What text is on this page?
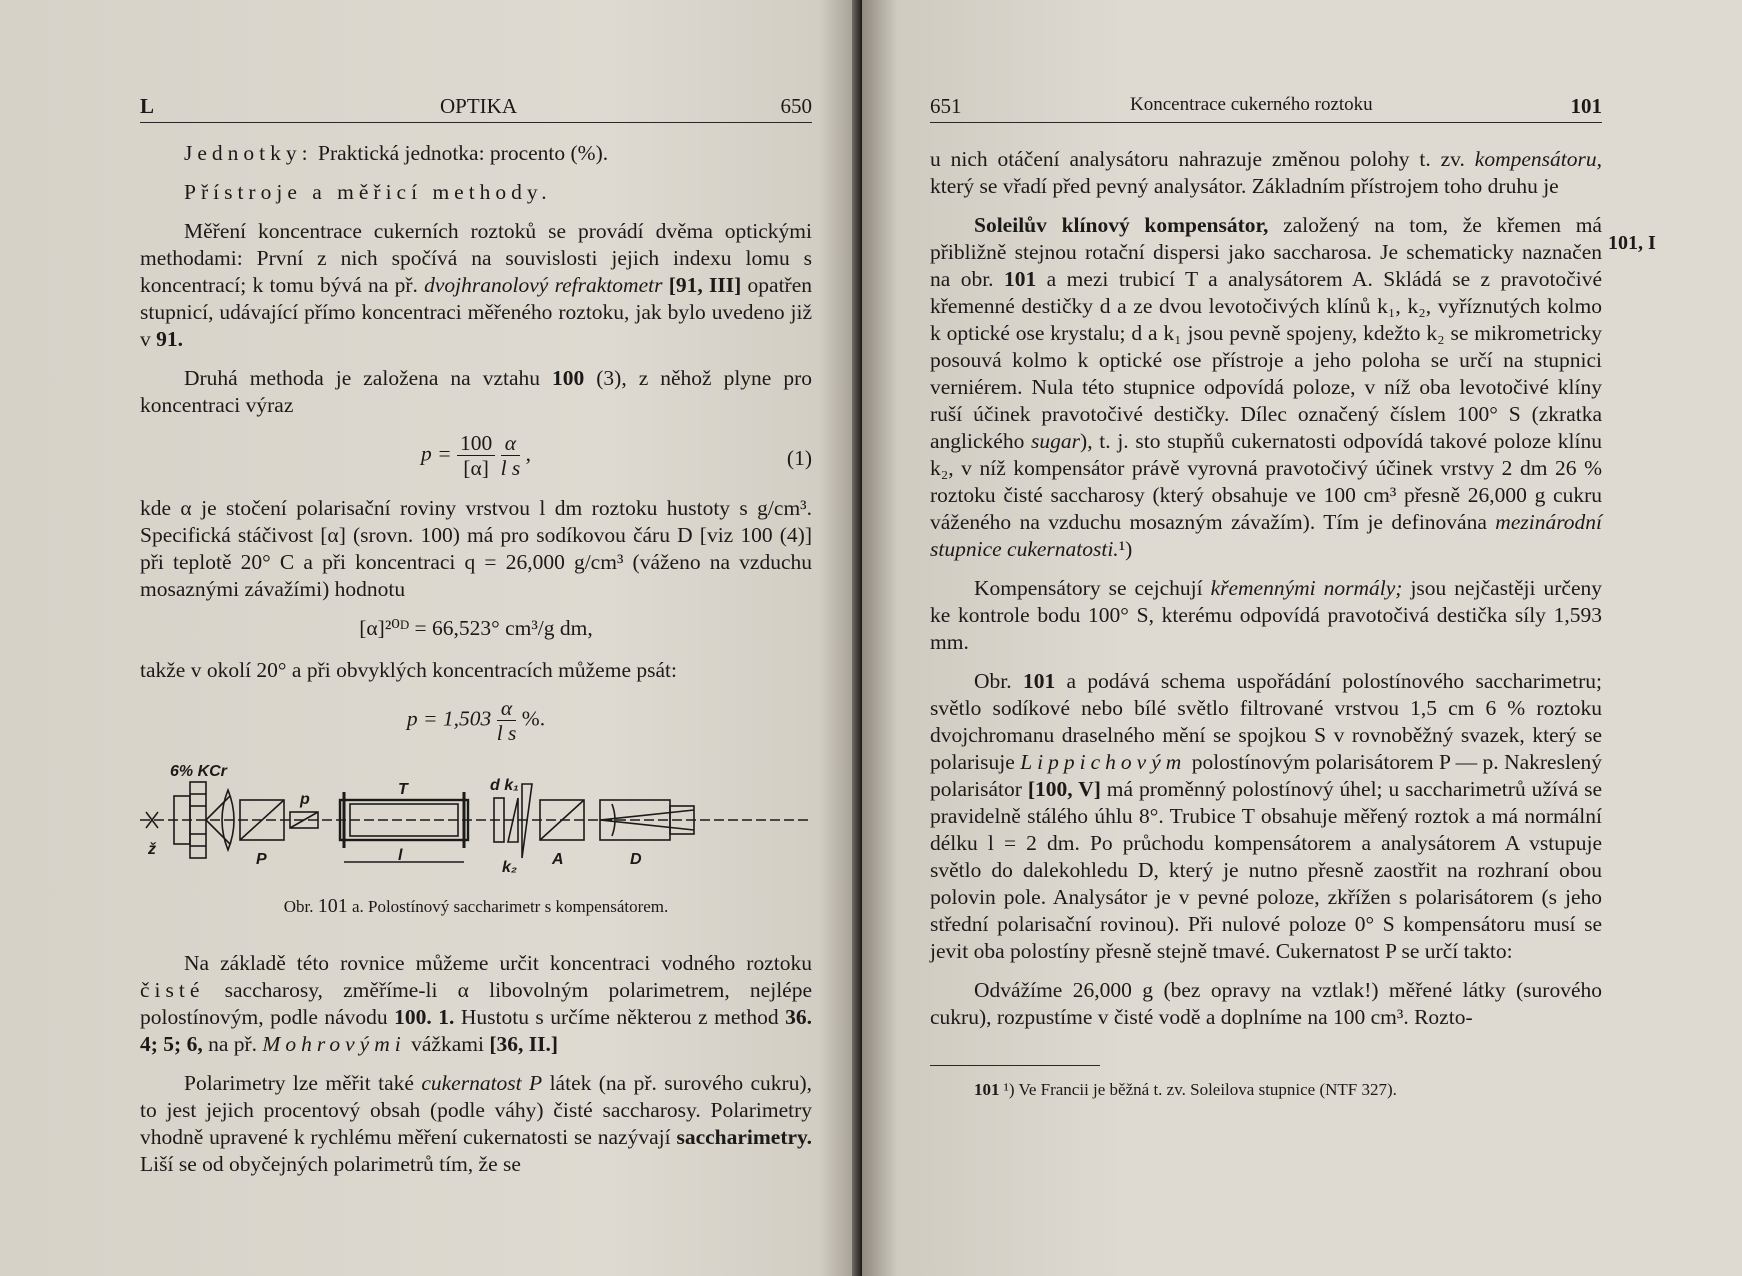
L	OPTIKA	650

Jednotky: Praktická jednotka: procento (%).

Přístroje a měřicí methody.

Měření koncentrace cukerních roztoků se provádí dvěma optickými methodami: První z nich spočívá na souvislosti jejich indexu lomu s koncentrací; k tomu bývá na př. dvojhranolový refraktometr [91, III] opatřen stupnicí, udávající přímo koncentraci měřeného roztoku, jak bylo uvedeno již v 91.

Druhá methoda je založena na vztahu 100 (3), z něhož plyne pro koncentraci výraz

$p = \frac{100}{[\alpha]}$
$\frac{\alpha}{\text{l s}}$ ,	(1)

kde α je stočení polarisační roviny vrstvou l dm roztoku hustoty s g/cm³. Specifická stáčivost [α] (srovn. 100) má pro sodíkovou čáru D [viz 100 (4)] při teplotě 20° C a při koncentraci q = 26,000 g/cm³ (váženo na vzduchu mosaznými závažími) hodnotu

[α]²⁰ᴰ = 66,523° cm³/g dm,

takže v okolí 20° a při obvyklých koncentracích můžeme psát:

$p = 1,503 \frac{\alpha}{\text{l s}}$ %.
6% KCr
ž
P
p
T
l
d k₁
k₂ A	D
Obr. 101 a. Polostínový saccharimetr s kompensátorem.

Na základě této rovnice můžeme určit koncentraci vodného roztoku čisté saccharosy, změříme-li α libovolným polarimetrem, nejlépe polostínovým, podle návodu 100. 1. Hustotu s určíme některou z method 36. 4; 5; 6, na př. Mohrovými vážkami [36, II.]

Polarimetry lze měřit také cukernatost P látek (na př. surového cukru), to jest jejich procentový obsah (podle váhy) čisté saccharosy. Polarimetry vhodně upravené k rychlému měření cukernatosti se nazývají saccharimetry. Liší se od obyčejných polarimetrů tím, že se

651	Koncentrace cukerného roztoku	101
101, I

u nich otáčení analysátoru nahrazuje změnou polohy t. zv. kompensátoru, který se vřadí před pevný analysátor. Základním přístrojem toho druhu je

Soleilův klínový kompensátor, založený na tom, že křemen má přibližně stejnou rotační dispersi jako saccharosa. Je schematicky naznačen na obr. 101 a mezi trubicí T a analysátorem A. Skládá se z pravotočivé křemenné destičky d a ze dvou levotočivých klínů k₁, k₂, vyříznutých kolmo k optické ose krystalu; d a k₁ jsou pevně spojeny, kdežto k₂ se mikrometricky posouvá kolmo k optické ose přístroje a jeho poloha se určí na stupnici verniérem. Nula této stupnice odpovídá poloze, v níž oba levotočivé klíny ruší účinek pravotočivé destičky. Dílec označený číslem 100° S (zkratka anglického sugar), t. j. sto stupňů cukernatosti odpovídá takové poloze klínu k₂, v níž kompensátor právě vyrovná pravotočivý účinek vrstvy 2 dm 26 % roztoku čisté saccharosy (který obsahuje ve 100 cm³ přesně 26,000 g cukru váženého na vzduchu mosazným závažím). Tím je definována mezinárodní stupnice cukernatosti.¹)

Kompensátory se cejchují křemennými normály; jsou nejčastěji určeny ke kontrole bodu 100° S, kterému odpovídá pravotočivá destička síly 1,593 mm.

Obr. 101 a podává schema uspořádání polostínového saccharimetru; světlo sodíkové nebo bílé světlo filtrované vrstvou 1,5 cm 6 % roztoku dvojchromanu draselného mění se spojkou S v rovnoběžný svazek, který se polarisuje Lippichovým polostínovým polarisátorem P — p. Nakreslený polarisátor [100, V] má proměnný polostínový úhel; u saccharimetrů užívá se pravidelně stálého úhlu 8°. Trubice T obsahuje měřený roztok a má normální délku l = 2 dm. Po průchodu kompensátorem a analysátorem A vstupuje světlo do dalekohledu D, který je nutno přesně zaostřit na rozhraní obou polovin pole. Analysátor je v pevné poloze, zkřížen s polarisátorem (s jeho střední polarisační rovinou). Při nulové poloze 0° S kompensátoru musí se jevit oba polostíny přesně stejně tmavé. Cukernatost P se určí takto:

Odvážíme 26,000 g (bez opravy na vztlak!) měřené látky (surového cukru), rozpustíme v čisté vodě a doplníme na 100 cm³. Rozto-

101 ¹) Ve Francii je běžná t. zv. Soleilova stupnice (NTF 327).
